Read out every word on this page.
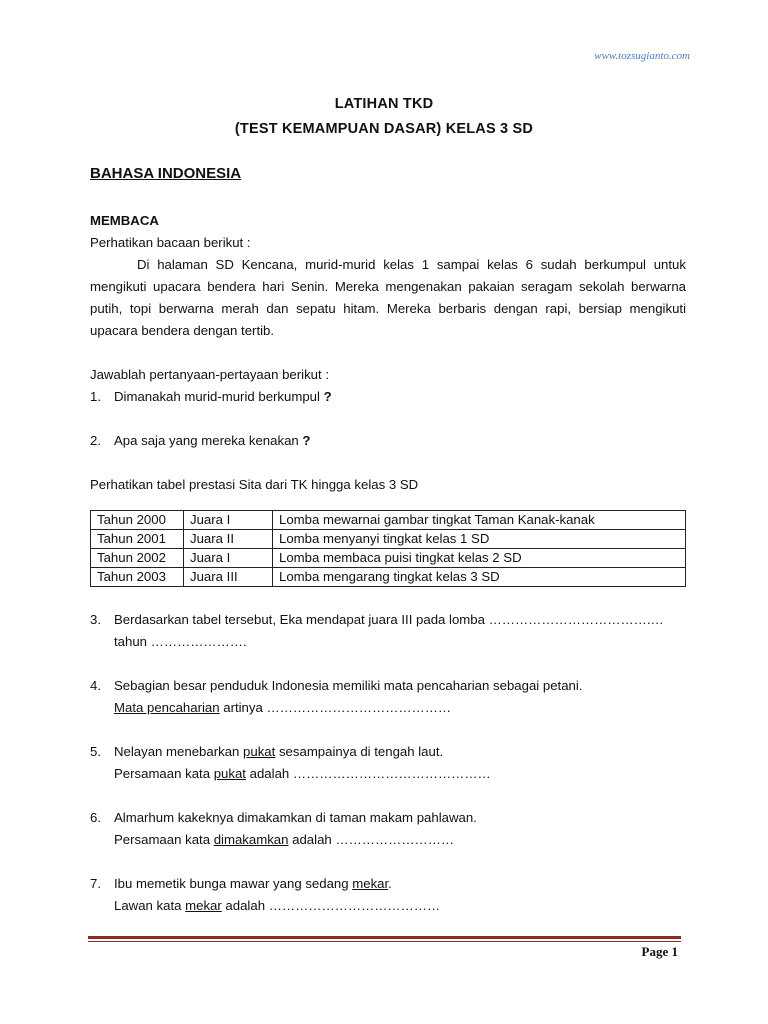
www.tozsugianto.com
LATIHAN TKD
(TEST KEMAMPUAN DASAR) KELAS 3 SD
BAHASA INDONESIA
MEMBACA
Perhatikan bacaan berikut :
Di halaman SD Kencana, murid-murid kelas 1 sampai kelas 6 sudah berkumpul untuk mengikuti upacara bendera hari Senin. Mereka mengenakan pakaian seragam sekolah berwarna putih, topi berwarna merah dan sepatu hitam. Mereka berbaris dengan rapi, bersiap mengikuti upacara bendera dengan tertib.
Jawablah pertanyaan-pertayaan berikut :
1. Dimanakah murid-murid berkumpul ?
2. Apa saja yang mereka kenakan ?
Perhatikan tabel prestasi Sita dari TK hingga kelas 3 SD
Tahun 2000	Juara I	Lomba mewarnai gambar tingkat Taman Kanak-kanak
Tahun 2001	Juara II	Lomba menyanyi tingkat kelas 1 SD
Tahun 2002	Juara I	Lomba membaca puisi tingkat kelas 2 SD
Tahun 2003	Juara III	Lomba mengarang tingkat kelas 3 SD
3. Berdasarkan tabel tersebut, Eka mendapat juara III pada lomba ……………………………….…
tahun ………………….
4. Sebagian besar penduduk Indonesia memiliki mata pencaharian sebagai petani.
Mata pencaharian artinya ……………………………………
5. Nelayan menebarkan pukat sesampainya di tengah laut.
Persamaan kata pukat adalah ………………………………………
6. Almarhum kakeknya dimakamkan di taman makam pahlawan.
Persamaan kata dimakamkan adalah ………………………
7. Ibu memetik bunga mawar yang sedang mekar.
Lawan kata mekar adalah …………………………………
Page 1
